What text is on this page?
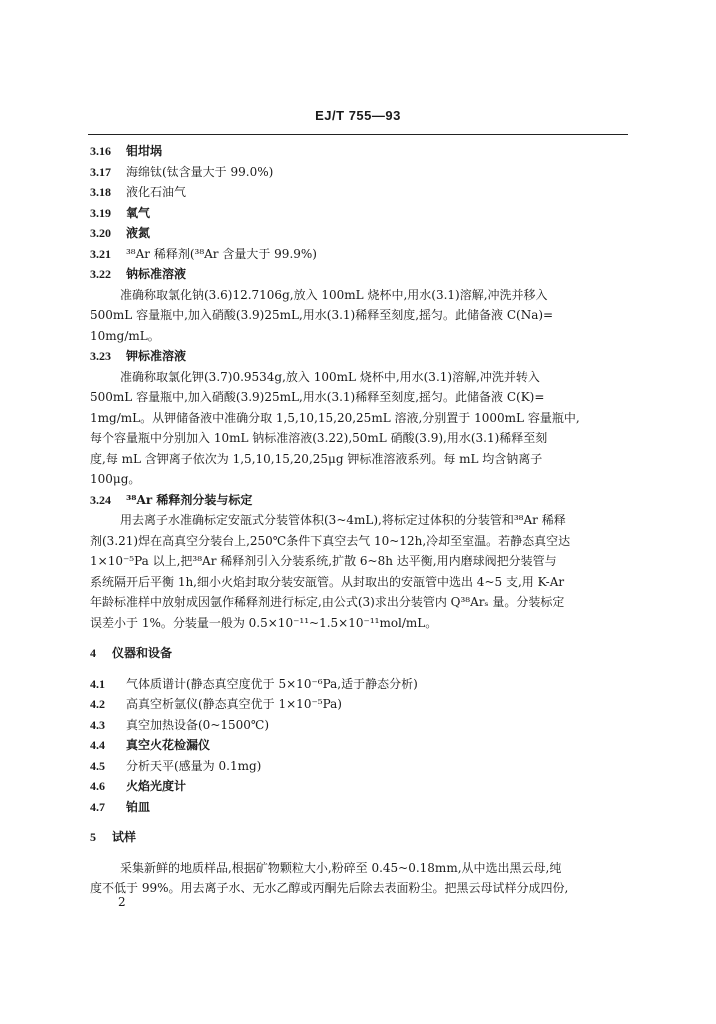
EJ/T 755—93
3.16 钼坩埚
3.17 海绵钛(钛含量大于 99.0%)
3.18 液化石油气
3.19 氧气
3.20 液氮
3.21 ³⁸Ar 稀释剂(³⁸Ar 含量大于 99.9%)
3.22 钠标准溶液
准确称取氯化钠(3.6)12.7106g,放入 100mL 烧杯中,用水(3.1)溶解,冲洗并移入
500mL 容量瓶中,加入硝酸(3.9)25mL,用水(3.1)稀释至刻度,摇匀。此储备液 C(Na)=
10mg/mL。
3.23 钾标准溶液
准确称取氯化钾(3.7)0.9534g,放入 100mL 烧杯中,用水(3.1)溶解,冲洗并转入
500mL 容量瓶中,加入硝酸(3.9)25mL,用水(3.1)稀释至刻度,摇匀。此储备液 C(K)=
1mg/mL。从钾储备液中准确分取 1,5,10,15,20,25mL 溶液,分别置于 1000mL 容量瓶中,
每个容量瓶中分别加入 10mL 钠标准溶液(3.22),50mL 硝酸(3.9),用水(3.1)稀释至刻
度,每 mL 含钾离子依次为 1,5,10,15,20,25μg 钾标准溶液系列。每 mL 均含钠离子
100μg。
3.24 ³⁸Ar 稀释剂分装与标定
用去离子水准确标定安瓿式分装管体积(3~4mL),将标定过体积的分装管和³⁸Ar 稀释
剂(3.21)焊在高真空分装台上,250℃条件下真空去气 10~12h,冷却至室温。若静态真空达
1×10⁻⁵Pa 以上,把³⁸Ar 稀释剂引入分装系统,扩散 6~8h 达平衡,用内磨球阀把分装管与
系统隔开后平衡 1h,细小火焰封取分装安瓿管。从封取出的安瓿管中选出 4~5 支,用 K-Ar
年龄标准样中放射成因氩作稀释剂进行标定,由公式(3)求出分装管内 Q³⁸Arₛ 量。分装标定
误差小于 1%。分装量一般为 0.5×10⁻¹¹~1.5×10⁻¹¹mol/mL。
4 仪器和设备
4.1 气体质谱计(静态真空度优于 5×10⁻⁶Pa,适于静态分析)
4.2 高真空析氩仪(静态真空优于 1×10⁻⁵Pa)
4.3 真空加热设备(0~1500℃)
4.4 真空火花检漏仪
4.5 分析天平(感量为 0.1mg)
4.6 火焰光度计
4.7 铂皿
5 试样
采集新鲜的地质样品,根据矿物颗粒大小,粉碎至 0.45~0.18mm,从中选出黑云母,纯
度不低于 99%。用去离子水、无水乙醇或丙酮先后除去表面粉尘。把黑云母试样分成四份,
2
